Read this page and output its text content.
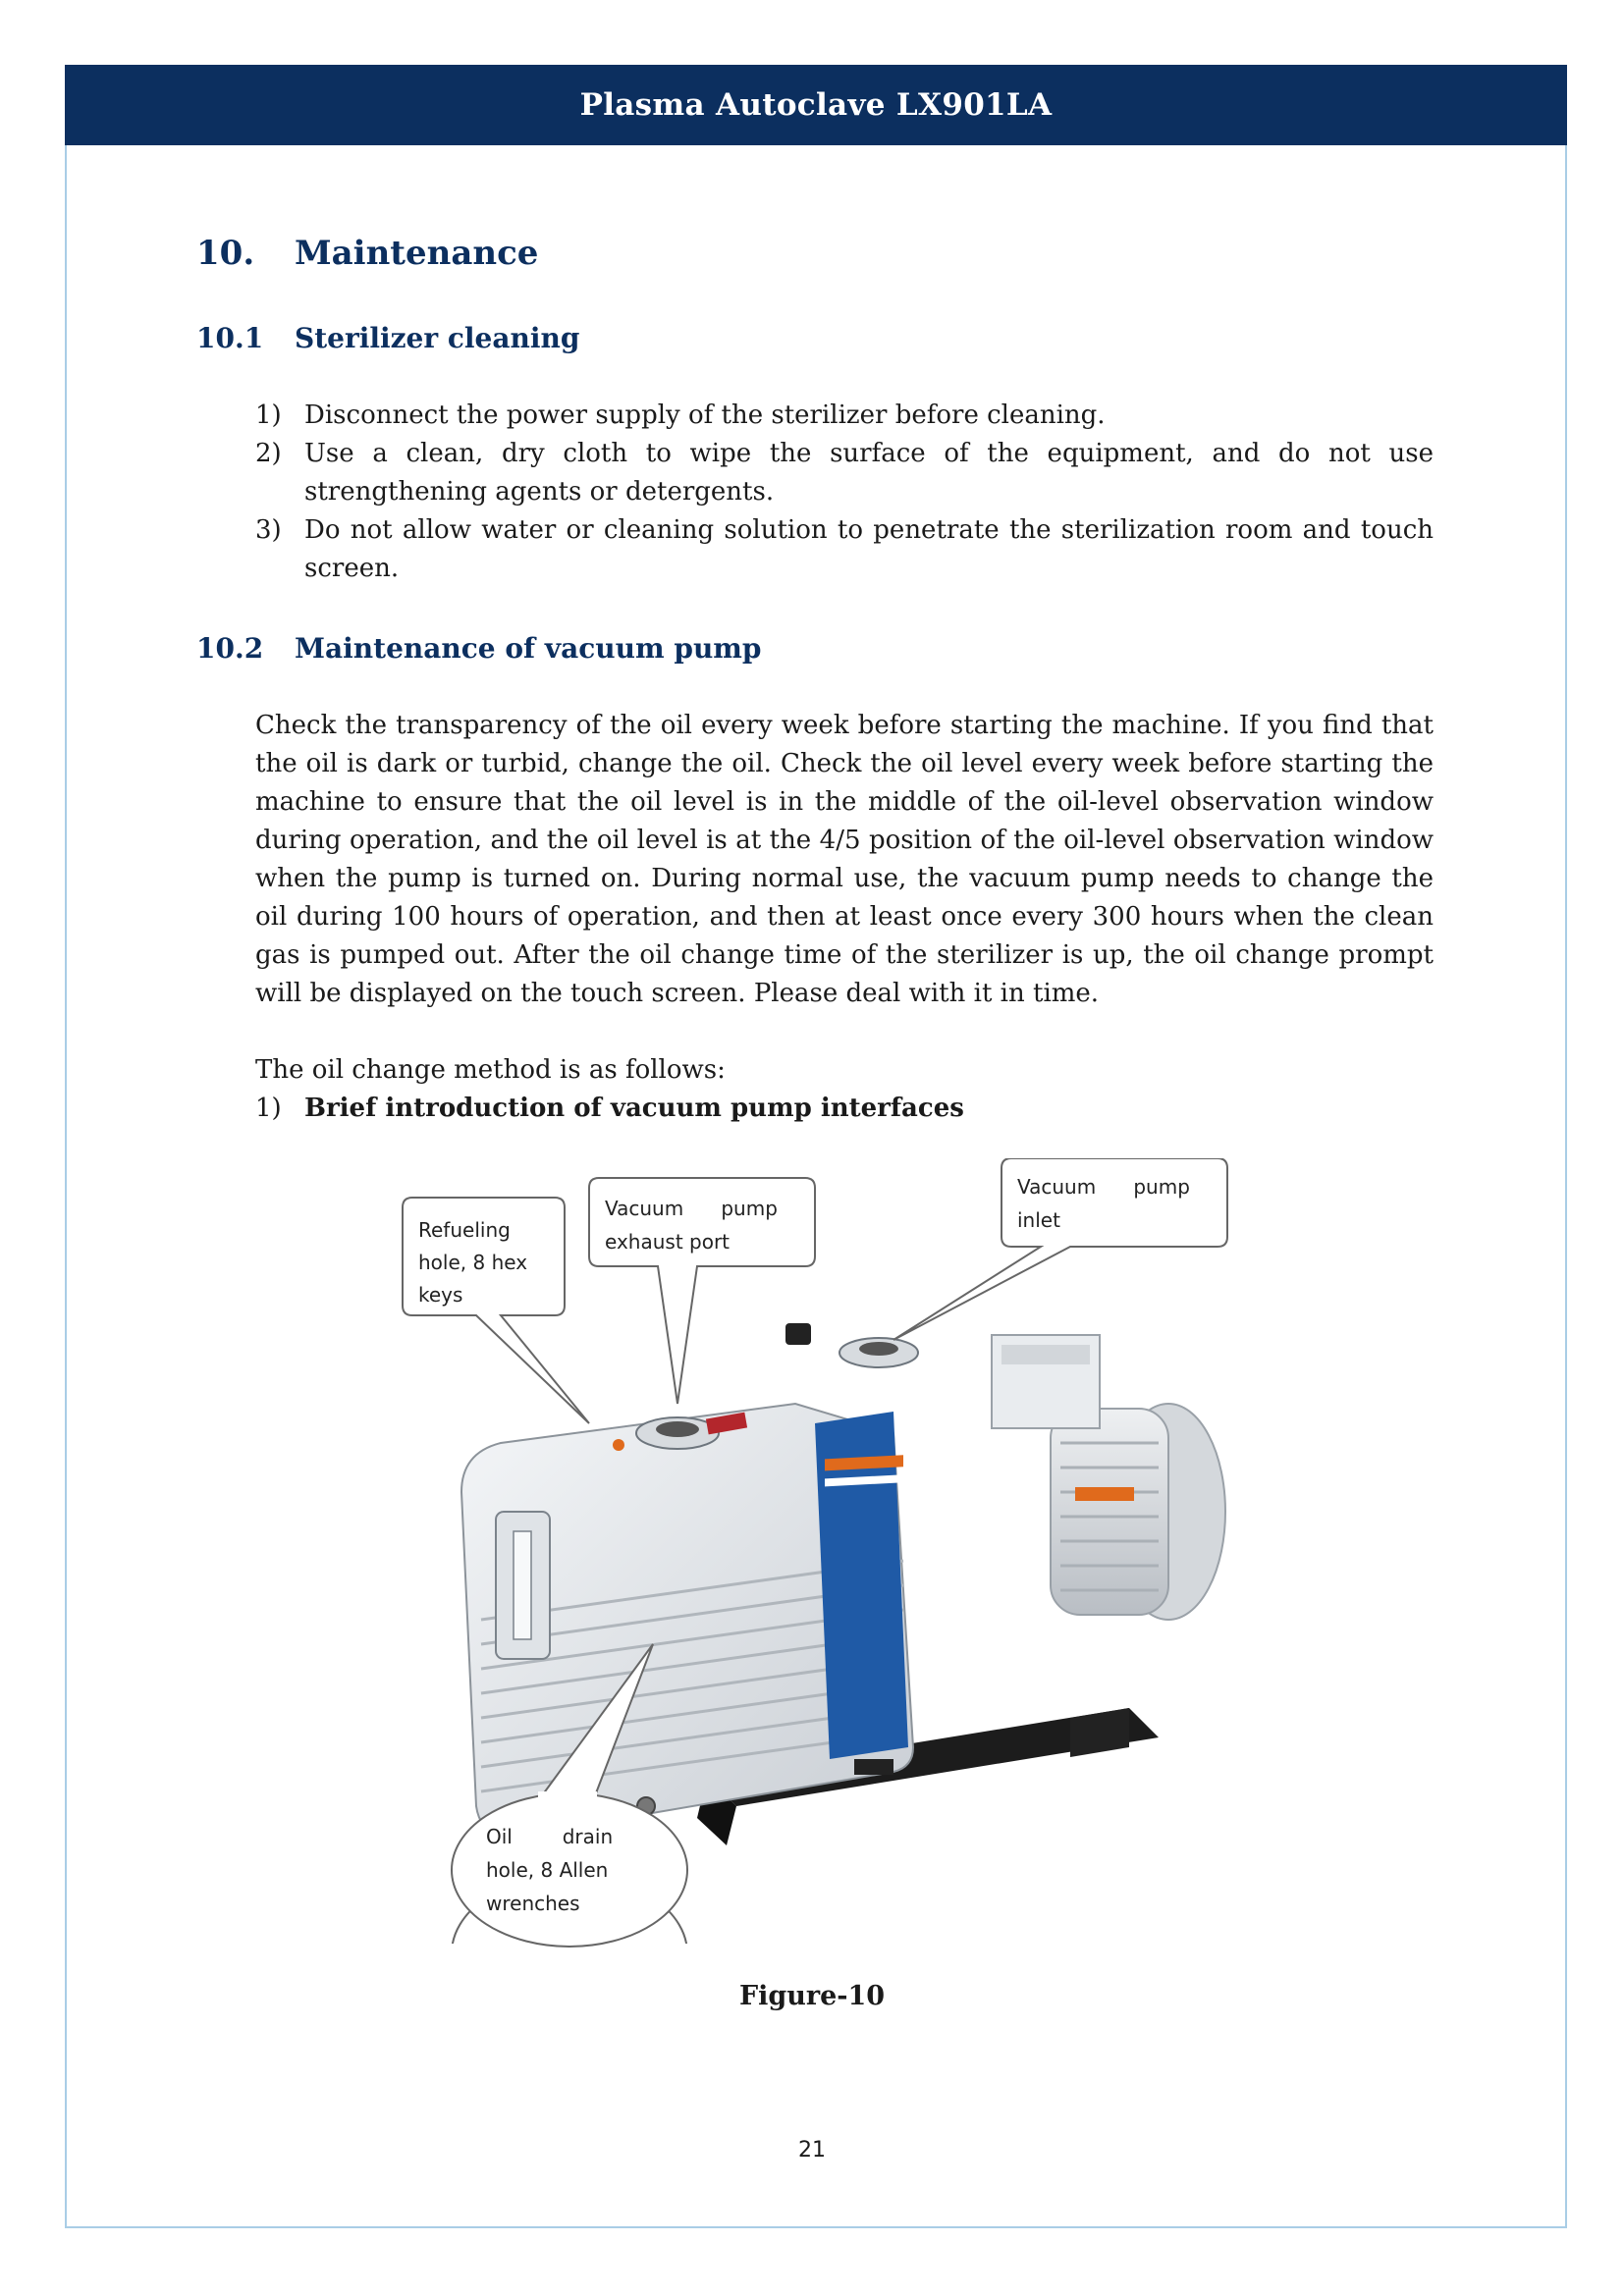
Plasma Autoclave LX901LA
10. Maintenance
10.1 Sterilizer cleaning
1) Disconnect the power supply of the sterilizer before cleaning.
2) Use a clean, dry cloth to wipe the surface of the equipment, and do not use strengthening agents or detergents.
3) Do not allow water or cleaning solution to penetrate the sterilization room and touch screen.
10.2 Maintenance of vacuum pump
Check the transparency of the oil every week before starting the machine. If you find that the oil is dark or turbid, change the oil. Check the oil level every week before starting the machine to ensure that the oil level is in the middle of the oil-level observation window during operation, and the oil level is at the 4/5 position of the oil-level observation window when the pump is turned on. During normal use, the vacuum pump needs to change the oil during 100 hours of operation, and then at least once every 300 hours when the clean gas is pumped out. After the oil change time of the sterilizer is up, the oil change prompt will be displayed on the touch screen. Please deal with it in time.
The oil change method is as follows:
1) Brief introduction of vacuum pump interfaces
Refueling
hole, 8 hex
keys
Vacuum      pump
exhaust port
Vacuum      pump
inlet
Oil        drain
hole, 8 Allen
wrenches
Figure-10
21
